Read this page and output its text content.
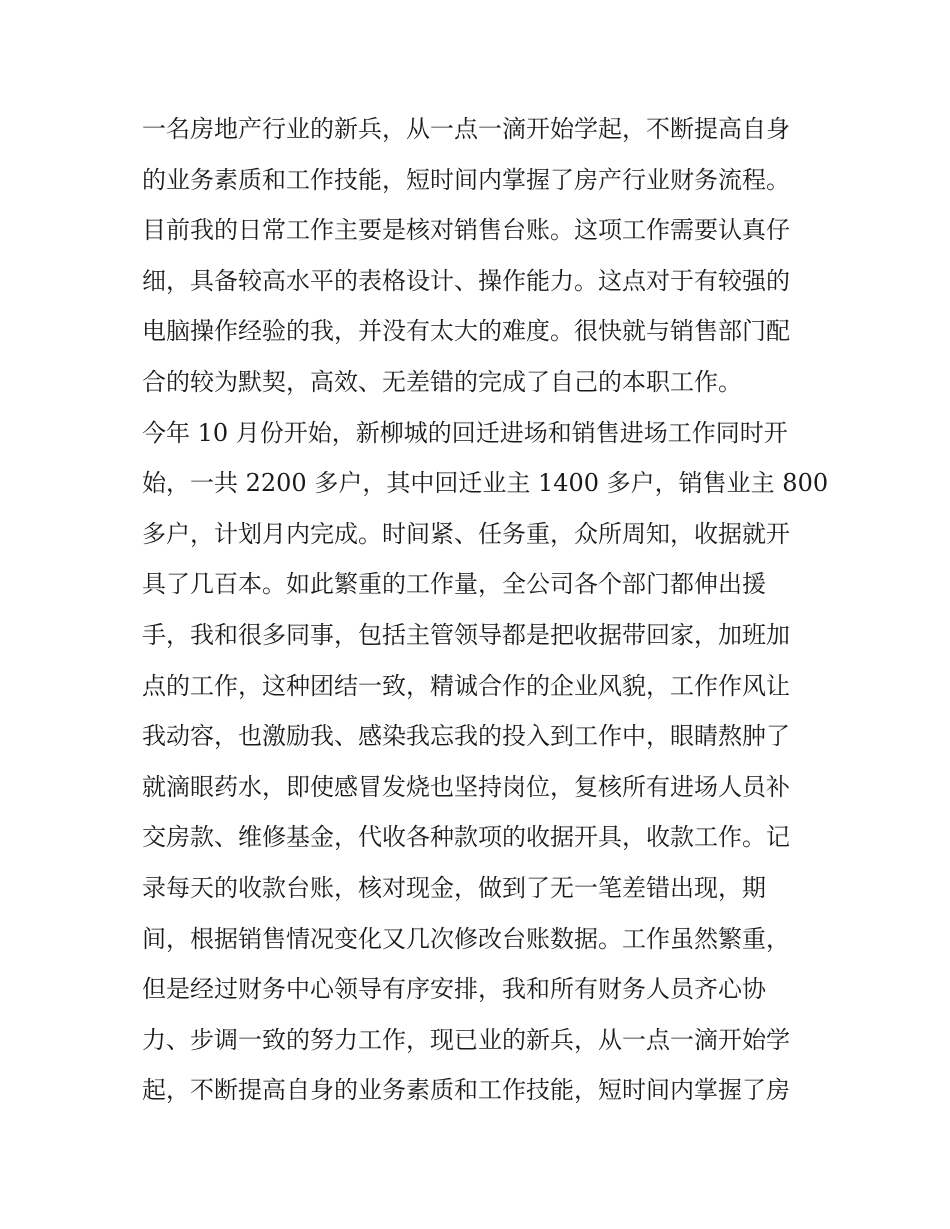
一名房地产行业的新兵，从一点一滴开始学起，不断提高自身
的业务素质和工作技能，短时间内掌握了房产行业财务流程。
目前我的日常工作主要是核对销售台账。这项工作需要认真仔
细，具备较高水平的表格设计、操作能力。这点对于有较强的
电脑操作经验的我，并没有太大的难度。很快就与销售部门配
合的较为默契，高效、无差错的完成了自己的本职工作。
今年 10 月份开始，新柳城的回迁进场和销售进场工作同时开
始，一共 2200 多户，其中回迁业主 1400 多户，销售业主 800
多户，计划月内完成。时间紧、任务重，众所周知，收据就开
具了几百本。如此繁重的工作量，全公司各个部门都伸出援
手，我和很多同事，包括主管领导都是把收据带回家，加班加
点的工作，这种团结一致，精诚合作的企业风貌，工作作风让
我动容，也激励我、感染我忘我的投入到工作中，眼睛熬肿了
就滴眼药水，即使感冒发烧也坚持岗位，复核所有进场人员补
交房款、维修基金，代收各种款项的收据开具，收款工作。记
录每天的收款台账，核对现金，做到了无一笔差错出现，期
间，根据销售情况变化又几次修改台账数据。工作虽然繁重，
但是经过财务中心领导有序安排，我和所有财务人员齐心协
力、步调一致的努力工作，现已业的新兵，从一点一滴开始学
起，不断提高自身的业务素质和工作技能，短时间内掌握了房
